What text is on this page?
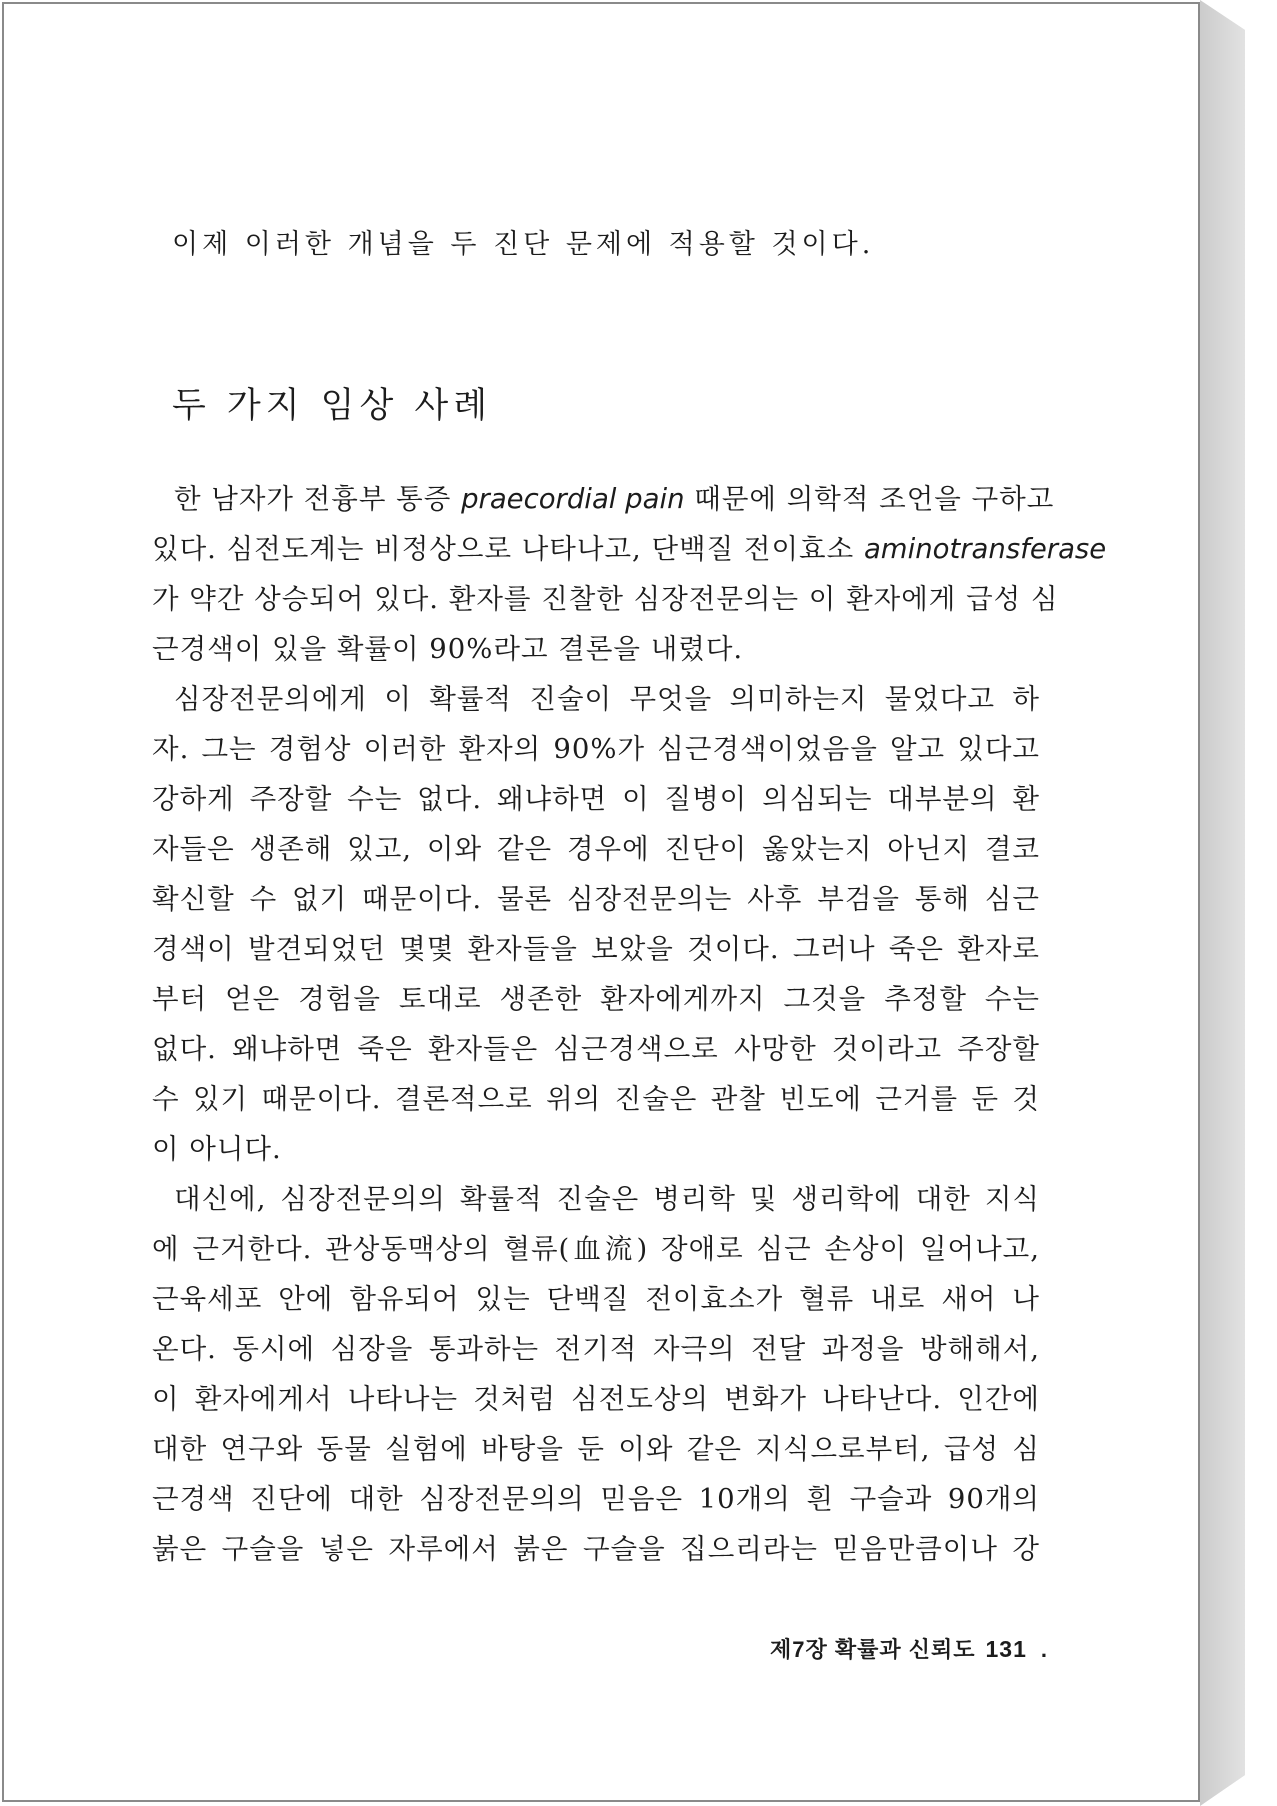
이제 이러한 개념을 두 진단 문제에 적용할 것이다.
두 가지 임상 사례
한 남자가 전흉부 통증 praecordial pain 때문에 의학적 조언을 구하고
있다. 심전도계는 비정상으로 나타나고, 단백질 전이효소 aminotransferase
가 약간 상승되어 있다. 환자를 진찰한 심장전문의는 이 환자에게 급성 심
근경색이 있을 확률이 90%라고 결론을 내렸다.
심장전문의에게 이 확률적 진술이 무엇을 의미하는지 물었다고 하
자. 그는 경험상 이러한 환자의 90%가 심근경색이었음을 알고 있다고
강하게 주장할 수는 없다. 왜냐하면 이 질병이 의심되는 대부분의 환
자들은 생존해 있고, 이와 같은 경우에 진단이 옳았는지 아닌지 결코
확신할 수 없기 때문이다. 물론 심장전문의는 사후 부검을 통해 심근
경색이 발견되었던 몇몇 환자들을 보았을 것이다. 그러나 죽은 환자로
부터 얻은 경험을 토대로 생존한 환자에게까지 그것을 추정할 수는
없다. 왜냐하면 죽은 환자들은 심근경색으로 사망한 것이라고 주장할
수 있기 때문이다. 결론적으로 위의 진술은 관찰 빈도에 근거를 둔 것
이 아니다.
대신에, 심장전문의의 확률적 진술은 병리학 및 생리학에 대한 지식
에 근거한다. 관상동맥상의 혈류(血流) 장애로 심근 손상이 일어나고,
근육세포 안에 함유되어 있는 단백질 전이효소가 혈류 내로 새어 나
온다. 동시에 심장을 통과하는 전기적 자극의 전달 과정을 방해해서,
이 환자에게서 나타나는 것처럼 심전도상의 변화가 나타난다. 인간에
대한 연구와 동물 실험에 바탕을 둔 이와 같은 지식으로부터, 급성 심
근경색 진단에 대한 심장전문의의 믿음은 10개의 흰 구슬과 90개의
붉은 구슬을 넣은 자루에서 붉은 구슬을 집으리라는 믿음만큼이나 강
제7장 확률과 신뢰도 131 .
